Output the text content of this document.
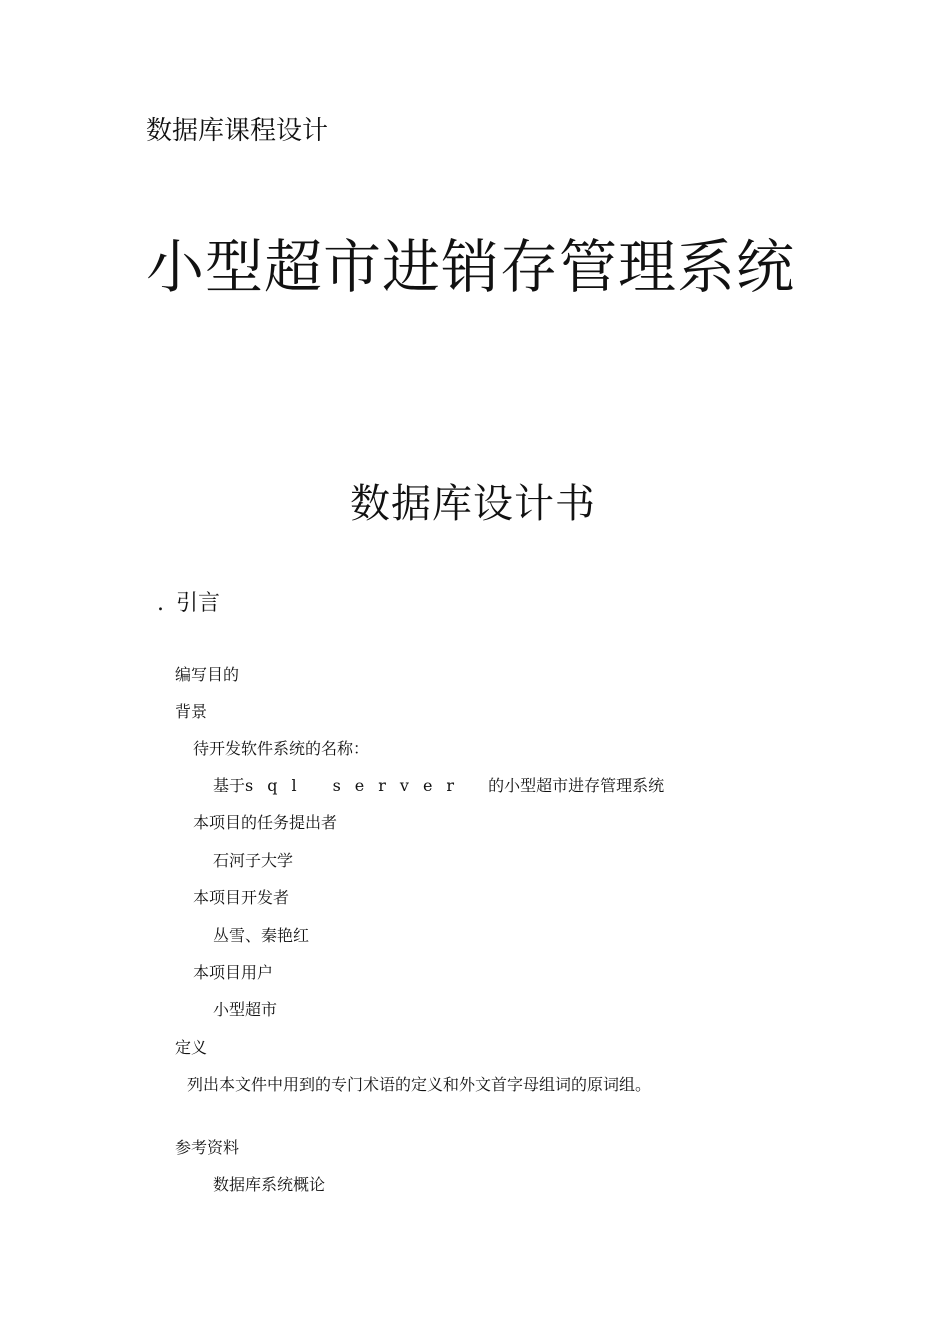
数据库课程设计
小型超市进销存管理系统
数据库设计书
. 引言
编写目的
背景
待开发软件系统的名称：
基于sql server 的小型超市进存管理系统
本项目的任务提出者
石河子大学
本项目开发者
丛雪、秦艳红
本项目用户
小型超市
定义
列出本文件中用到的专门术语的定义和外文首字母组词的原词组。
参考资料
数据库系统概论
